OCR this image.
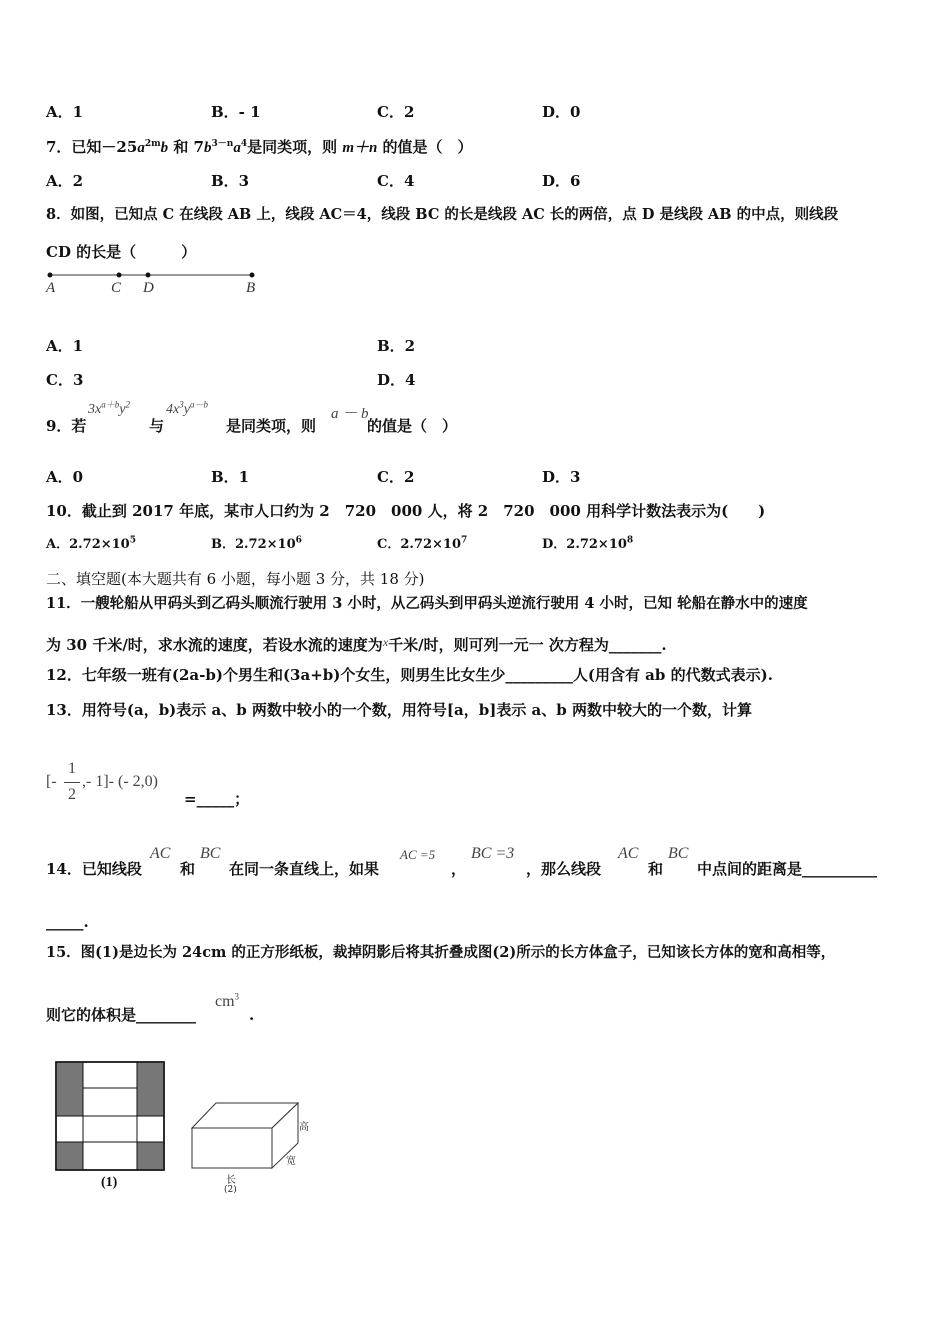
A．1	B．- 1	C．2	D．0
7．已知$-25a^{2m}b$ 和 $7b^{3-n}a^4$是同类项，则 m＋n 的值是（　）
A．2	B．3	C．4	D．6
8．如图，已知点 C 在线段 AB 上，线段 AC＝4，线段 BC 的长是线段 AC 长的两倍，点 D 是线段 AB 的中点，则线段
CD 的长是（　　　）
A	C D	B
A．1	B．2
C．3	D．4
9．若
$3x^{a+b}y^2$
与
$4x^3y^{a-b}$
是同类项，则
a － b
的值是（　）
A．0	B．1	C．2	D．3
10．截止到 2017 年底，某市人口约为 2　720　000 人，将 2　720　000 用科学计数法表示为(　　)
A．$2.72\times 10^5$	B．$2.72\times 10^6$	C．$2.72\times 10^7$	D．$2.72\times 10^8$
二、填空题(本大题共有 6 小题，每小题 3 分，共 18 分)
11．一艘轮船从甲码头到乙码头顺流行驶用 3 小时，从乙码头到甲码头逆流行驶用 4 小时，已知 轮船在静水中的速度
为 30 千米/时，求水流的速度，若设水流的速度为$^x$千米/时，则可列一元一 次方程为_______.
12．七年级一班有(2a-b)个男生和(3a+b)个女生，则男生比女生少_________人(用含有 ab 的代数式表示).
13．用符号(a，b)表示 a、b 两数中较小的一个数，用符号[a，b]表示 a、b 两数中较大的一个数，计算
[-
1
2
,- 1]- (- 2,0)
=_____；
14．已知线段
AC
和
BC
在同一条直线上，如果
AC =5
，
BC =3
，那么线段
AC
和
BC
中点间的距离是__________
_____.
15．图(1)是边长为 24cm 的正方形纸板，裁掉阴影后将其折叠成图(2)所示的长方体盒子，已知该长方体的宽和高相等，
则它的体积是________
$cm^3$
.
(1)
高
宽
长
(2)
